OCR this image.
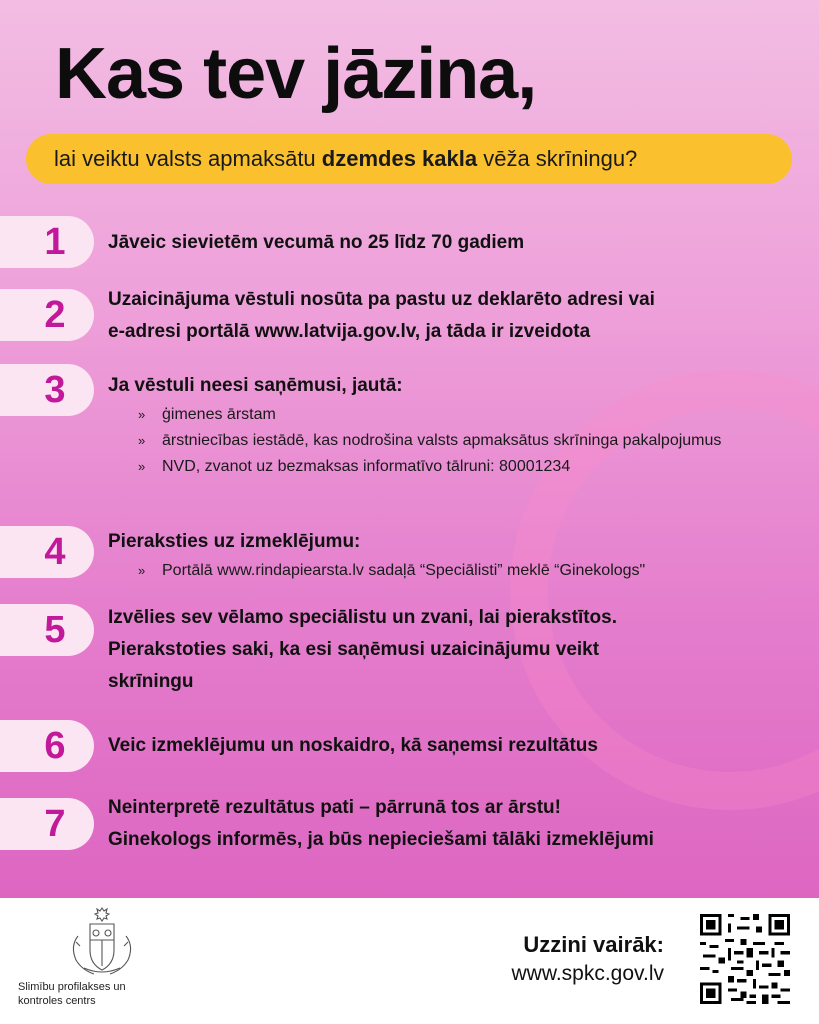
Kas tev jāzina,
lai veiktu valsts apmaksātu dzemdes kakla vēža skrīningu?
1	Jāveic sievietēm vecumā no 25 līdz 70 gadiem
2	Uzaicinājuma vēstuli nosūta pa pastu uz deklarēto adresi vai
e-adresi portālā www.latvija.gov.lv, ja tāda ir izveidota
3	Ja vēstuli neesi saņēmusi, jautā:
» ģimenes ārstam
» ārstniecības iestādē, kas nodrošina valsts apmaksātus skrīninga pakalpojumus
» NVD, zvanot uz bezmaksas informatīvo tālruni: 80001234
4	Pieraksties uz izmeklējumu:
» Portālā www.rindapiearsta.lv sadaļā “Speciālisti” meklē “Ginekologs"
5	Izvēlies sev vēlamo speciālistu un zvani, lai pierakstītos.
Pierakstoties saki, ka esi saņēmusi uzaicinājumu veikt
skrīningu
6	Veic izmeklējumu un noskaidro, kā saņemsi rezultātus
7	Neinterpretē rezultātus pati – pārrunā tos ar ārstu!
Ginekologs informēs, ja būs nepieciešami tālāki izmeklējumi
Slimību profilakses un
kontroles centrs
Uzzini vairāk:
www.spkc.gov.lv
